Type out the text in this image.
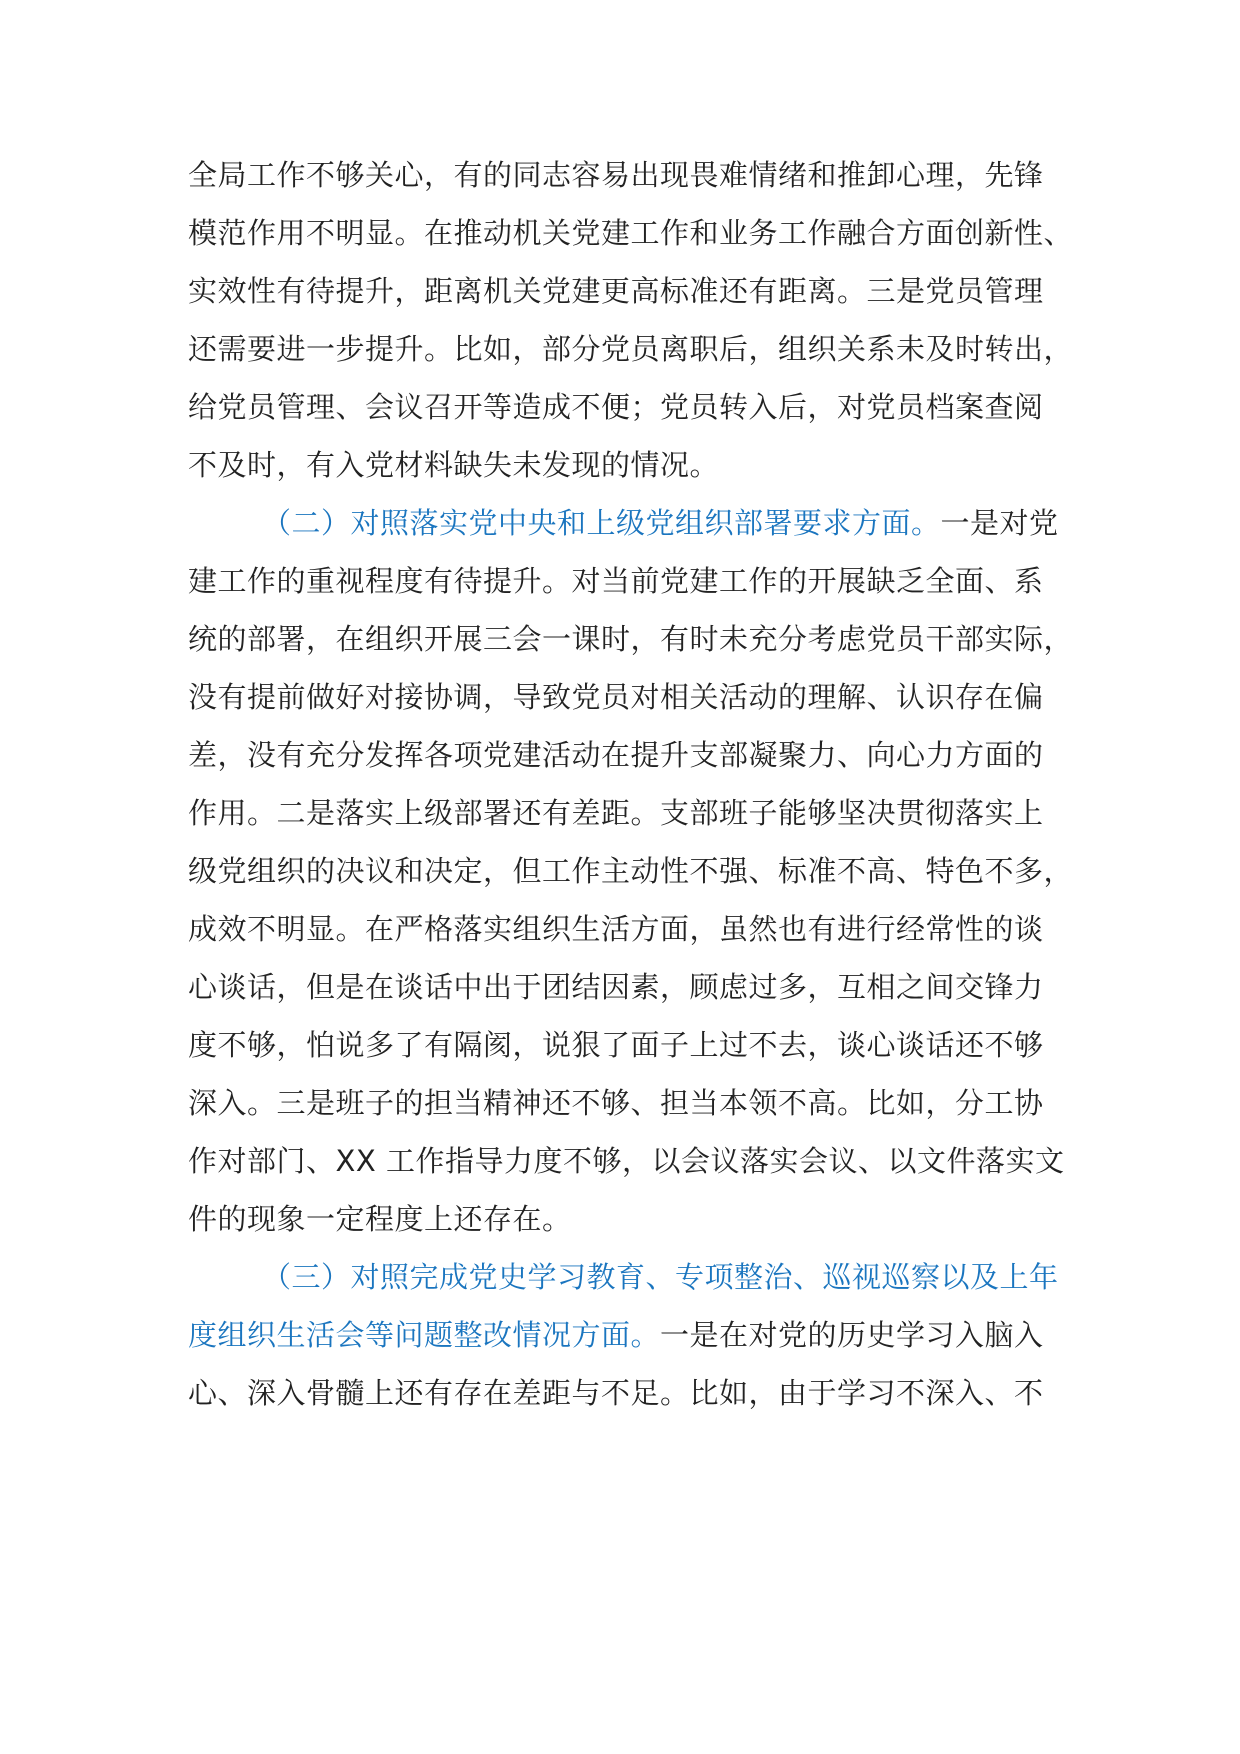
全局工作不够关心，有的同志容易出现畏难情绪和推卸心理，先锋
模范作用不明显。在推动机关党建工作和业务工作融合方面创新性、
实效性有待提升，距离机关党建更高标准还有距离。三是党员管理
还需要进一步提升。比如，部分党员离职后，组织关系未及时转出，
给党员管理、会议召开等造成不便；党员转入后，对党员档案查阅
不及时，有入党材料缺失未发现的情况。
（二）对照落实党中央和上级党组织部署要求方面。一是对党
建工作的重视程度有待提升。对当前党建工作的开展缺乏全面、系
统的部署，在组织开展三会一课时，有时未充分考虑党员干部实际，
没有提前做好对接协调，导致党员对相关活动的理解、认识存在偏
差，没有充分发挥各项党建活动在提升支部凝聚力、向心力方面的
作用。二是落实上级部署还有差距。支部班子能够坚决贯彻落实上
级党组织的决议和决定，但工作主动性不强、标准不高、特色不多，
成效不明显。在严格落实组织生活方面，虽然也有进行经常性的谈
心谈话，但是在谈话中出于团结因素，顾虑过多，互相之间交锋力
度不够，怕说多了有隔阂，说狠了面子上过不去，谈心谈话还不够
深入。三是班子的担当精神还不够、担当本领不高。比如，分工协
作对部门、XX 工作指导力度不够，以会议落实会议、以文件落实文
件的现象一定程度上还存在。
（三）对照完成党史学习教育、专项整治、巡视巡察以及上年
度组织生活会等问题整改情况方面。一是在对党的历史学习入脑入
心、深入骨髓上还有存在差距与不足。比如，由于学习不深入、不
